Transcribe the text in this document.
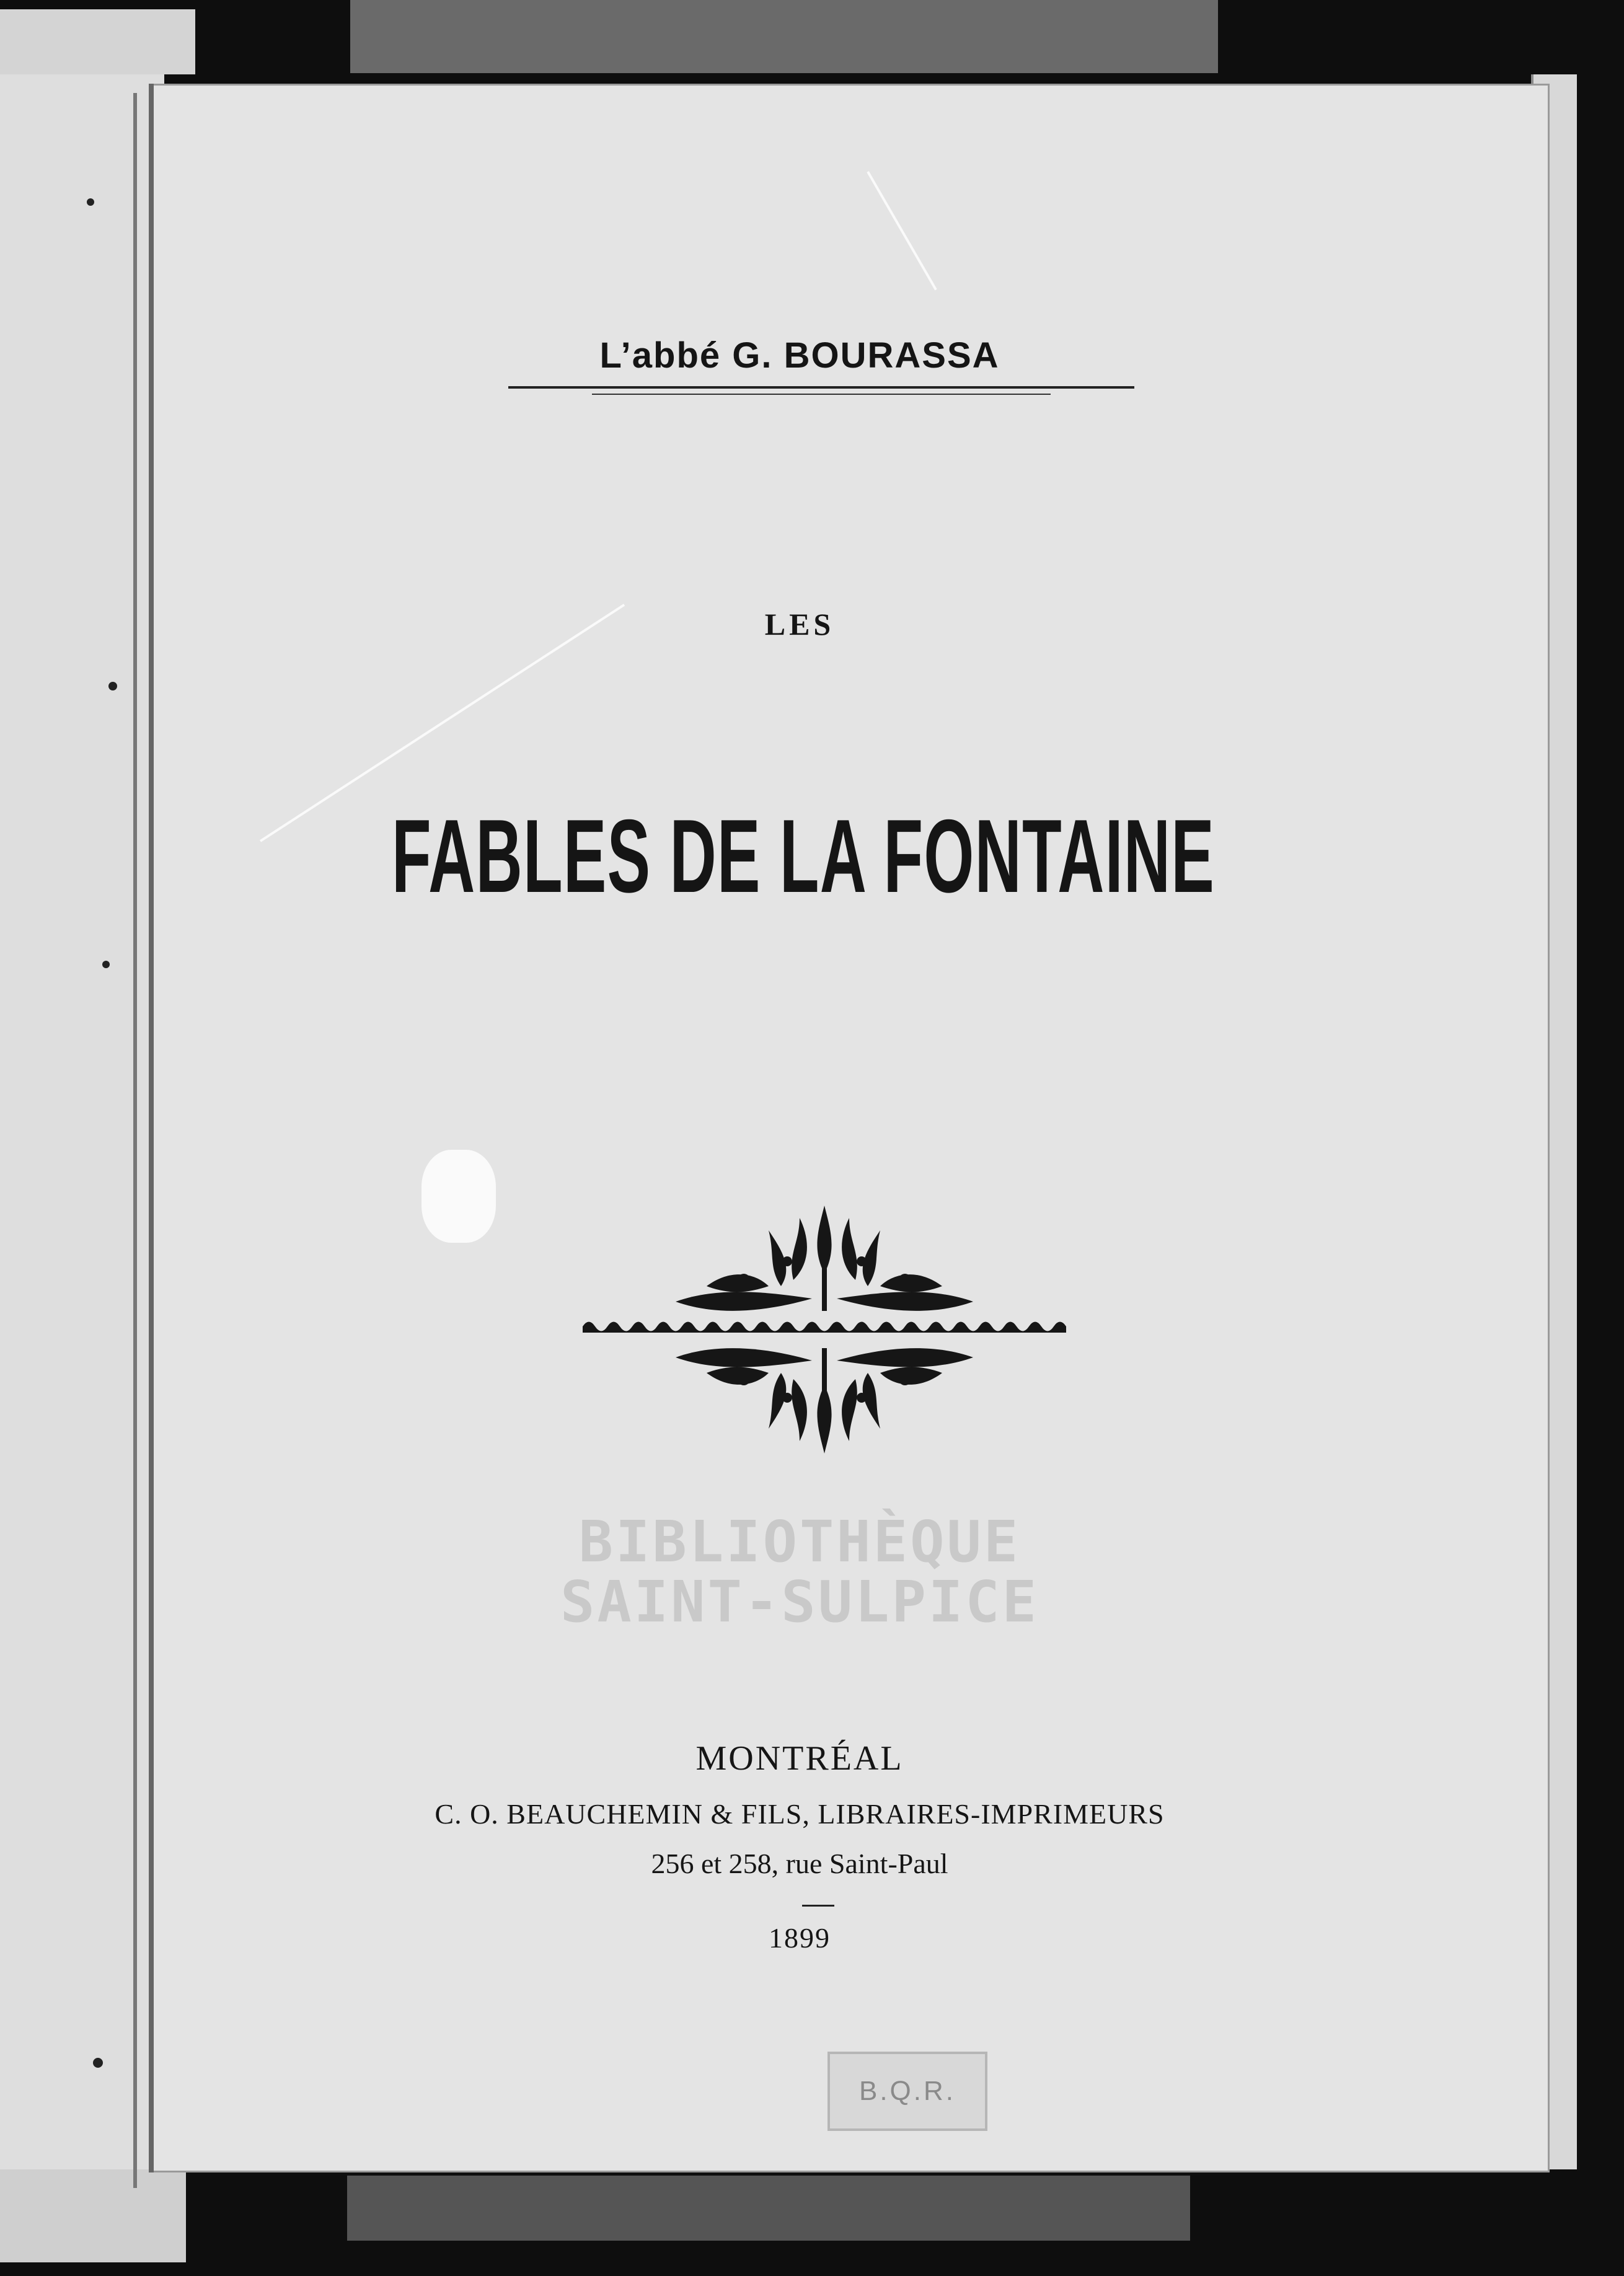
L’abbé G. BOURASSA
LES
FABLES DE LA FONTAINE
BIBLIOTHÈQUE
SAINT-SULPICE
MONTRÉAL
C. O. BEAUCHEMIN & FILS, LIBRAIRES-IMPRIMEURS
256 et 258, rue Saint-Paul
1899
B.Q.R.
